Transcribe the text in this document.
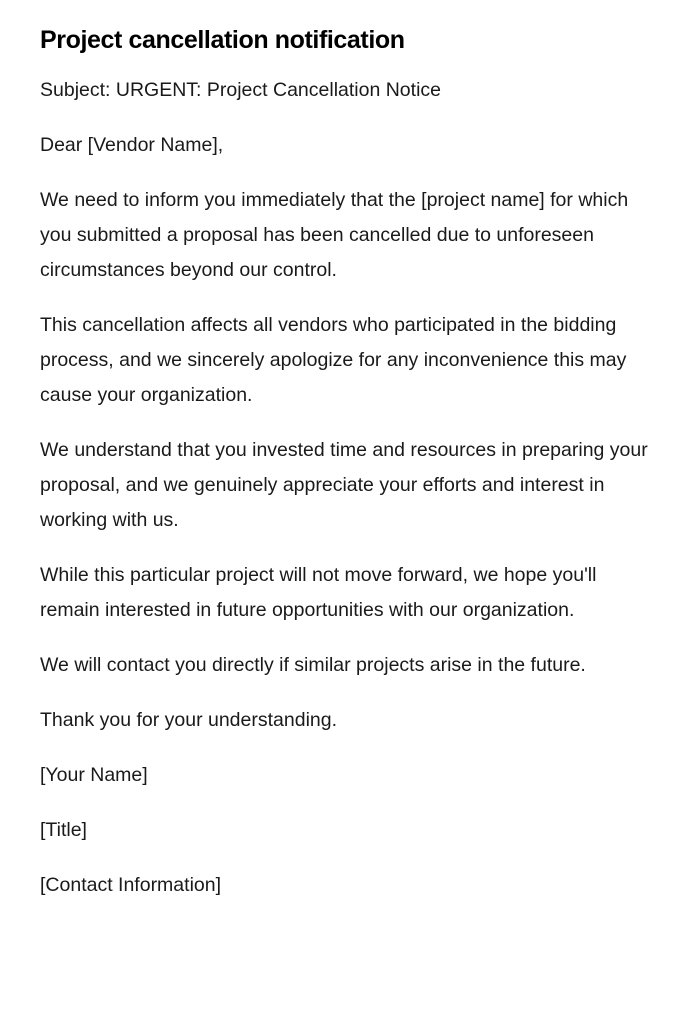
Project cancellation notification

Subject: URGENT: Project Cancellation Notice

Dear [Vendor Name],

We need to inform you immediately that the [project name] for which you submitted a proposal has been cancelled due to unforeseen circumstances beyond our control.

This cancellation affects all vendors who participated in the bidding process, and we sincerely apologize for any inconvenience this may cause your organization.

We understand that you invested time and resources in preparing your proposal, and we genuinely appreciate your efforts and interest in working with us.

While this particular project will not move forward, we hope you'll remain interested in future opportunities with our organization.

We will contact you directly if similar projects arise in the future.

Thank you for your understanding.

[Your Name]

[Title]

[Contact Information]
